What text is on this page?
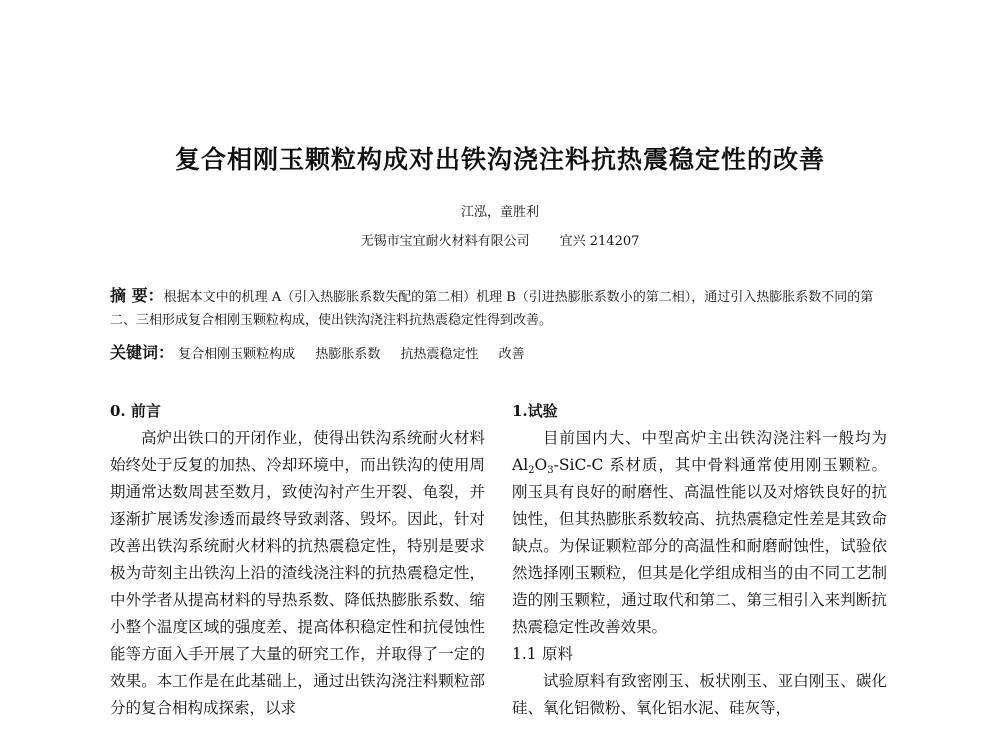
复合相刚玉颗粒构成对出铁沟浇注料抗热震稳定性的改善
江泓，童胜利
无锡市宝宜耐火材料有限公司 宜兴 214207
摘 要：根据本文中的机理 A（引入热膨胀系数失配的第二相）机理 B（引进热膨胀系数小的第二相），通过引入热膨胀系数不同的第二、三相形成复合相刚玉颗粒构成，使出铁沟浇注料抗热震稳定性得到改善。
关键词： 复合相刚玉颗粒构成 热膨胀系数 抗热震稳定性 改善
0. 前言

高炉出铁口的开闭作业，使得出铁沟系统耐火材料始终处于反复的加热、冷却环境中，而出铁沟的使用周期通常达数周甚至数月，致使沟衬产生开裂、龟裂，并逐渐扩展诱发渗透而最终导致剥落、毁坏。因此，针对改善出铁沟系统耐火材料的抗热震稳定性，特别是要求极为苛刻主出铁沟上沿的渣线浇注料的抗热震稳定性，中外学者从提高材料的导热系数、降低热膨胀系数、缩小整个温度区域的强度差、提高体积稳定性和抗侵蚀性能等方面入手开展了大量的研究工作，并取得了一定的效果。本工作是在此基础上，通过出铁沟浇注料颗粒部分的复合相构成探索，以求

1.试验

目前国内大、中型高炉主出铁沟浇注料一般均为 $Al_2O_3-SiC-C$ 系材质，其中骨料通常使用刚玉颗粒。刚玉具有良好的耐磨性、高温性能以及对熔铁良好的抗蚀性，但其热膨胀系数较高、抗热震稳定性差是其致命缺点。为保证颗粒部分的高温性和耐磨耐蚀性，试验依然选择刚玉颗粒，但其是化学组成相当的由不同工艺制造的刚玉颗粒，通过取代和第二、第三相引入来判断抗热震稳定性改善效果。

1.1 原料

试验原料有致密刚玉、板状刚玉、亚白刚玉、碳化硅、氧化铝微粉、氧化铝水泥、硅灰等，
